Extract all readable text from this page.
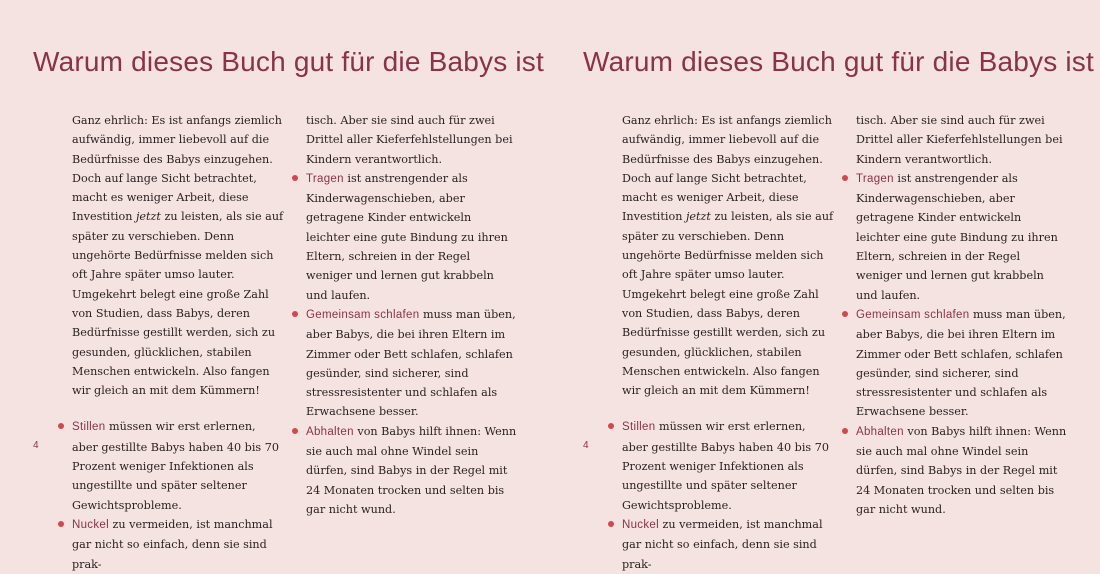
Warum dieses Buch gut für die Babys ist

Ganz ehrlich: Es ist anfangs ziemlich aufwändig, immer liebevoll auf die Bedürfnisse des Babys einzugehen. Doch auf lange Sicht betrachtet, macht es weniger Arbeit, diese Investition jetzt zu leisten, als sie auf später zu verschieben. Denn ungehörte Bedürfnisse melden sich oft Jahre später umso lauter. Umgekehrt belegt eine große Zahl von Studien, dass Babys, deren Bedürfnisse gestillt werden, sich zu gesunden, glücklichen, stabilen Menschen entwickeln. Also fangen wir gleich an mit dem Kümmern!

Stillen müssen wir erst erlernen, aber gestillte Babys haben 40 bis 70 Prozent weniger Infektionen als ungestillte und später seltener Gewichtsprobleme.

Nuckel zu vermeiden, ist manchmal gar nicht so einfach, denn sie sind prak-

tisch. Aber sie sind auch für zwei Drittel aller Kieferfehlstellungen bei Kindern verantwortlich.

Tragen ist anstrengender als Kinderwagenschieben, aber getragene Kinder entwickeln leichter eine gute Bindung zu ihren Eltern, schreien in der Regel weniger und lernen gut krabbeln und laufen.

Gemeinsam schlafen muss man üben, aber Babys, die bei ihren Eltern im Zimmer oder Bett schlafen, schlafen gesünder, sind sicherer, sind stressresistenter und schlafen als Erwachsene besser.

Abhalten von Babys hilft ihnen: Wenn sie auch mal ohne Windel sein dürfen, sind Babys in der Regel mit 24 Monaten trocken und selten bis gar nicht wund.

4
Warum dieses Buch gut für die Babys ist

Ganz ehrlich: Es ist anfangs ziemlich aufwändig, immer liebevoll auf die Bedürfnisse des Babys einzugehen. Doch auf lange Sicht betrachtet, macht es weniger Arbeit, diese Investition jetzt zu leisten, als sie auf später zu verschieben. Denn ungehörte Bedürfnisse melden sich oft Jahre später umso lauter. Umgekehrt belegt eine große Zahl von Studien, dass Babys, deren Bedürfnisse gestillt werden, sich zu gesunden, glücklichen, stabilen Menschen entwickeln. Also fangen wir gleich an mit dem Kümmern!

Stillen müssen wir erst erlernen, aber gestillte Babys haben 40 bis 70 Prozent weniger Infektionen als ungestillte und später seltener Gewichtsprobleme.

Nuckel zu vermeiden, ist manchmal gar nicht so einfach, denn sie sind prak-

tisch. Aber sie sind auch für zwei Drittel aller Kieferfehlstellungen bei Kindern verantwortlich.

Tragen ist anstrengender als Kinderwagenschieben, aber getragene Kinder entwickeln leichter eine gute Bindung zu ihren Eltern, schreien in der Regel weniger und lernen gut krabbeln und laufen.

Gemeinsam schlafen muss man üben, aber Babys, die bei ihren Eltern im Zimmer oder Bett schlafen, schlafen gesünder, sind sicherer, sind stressresistenter und schlafen als Erwachsene besser.

Abhalten von Babys hilft ihnen: Wenn sie auch mal ohne Windel sein dürfen, sind Babys in der Regel mit 24 Monaten trocken und selten bis gar nicht wund.

4
